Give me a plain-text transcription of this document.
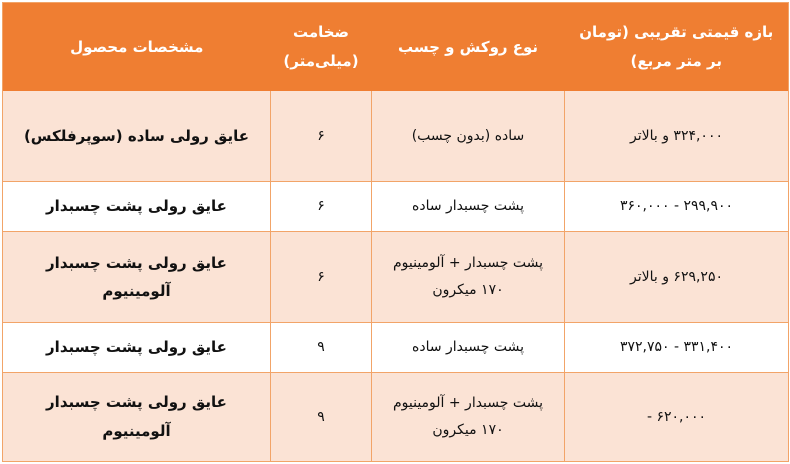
بازه قیمتی تقریبی (تومان بر متر مربع)	نوع روکش و چسب	ضخامت (میلی‌متر)	مشخصات محصول
۳۲۴,۰۰۰ و بالاتر	ساده (بدون چسب)	۶	عایق رولی ساده (سوپرفلکس)
۲۹۹,۹۰۰ - ۳۶۰,۰۰۰	پشت چسبدار ساده	۶	عایق رولی پشت چسبدار
۶۲۹,۲۵۰ و بالاتر	پشت چسبدار + آلومینیوم ۱۷۰ میکرون	۶	عایق رولی پشت چسبدار آلومینیوم
۳۳۱,۴۰۰ - ۳۷۲,۷۵۰	پشت چسبدار ساده	۹	عایق رولی پشت چسبدار
۶۲۰,۰۰۰ -	پشت چسبدار + آلومینیوم ۱۷۰ میکرون	۹	عایق رولی پشت چسبدار آلومینیوم
